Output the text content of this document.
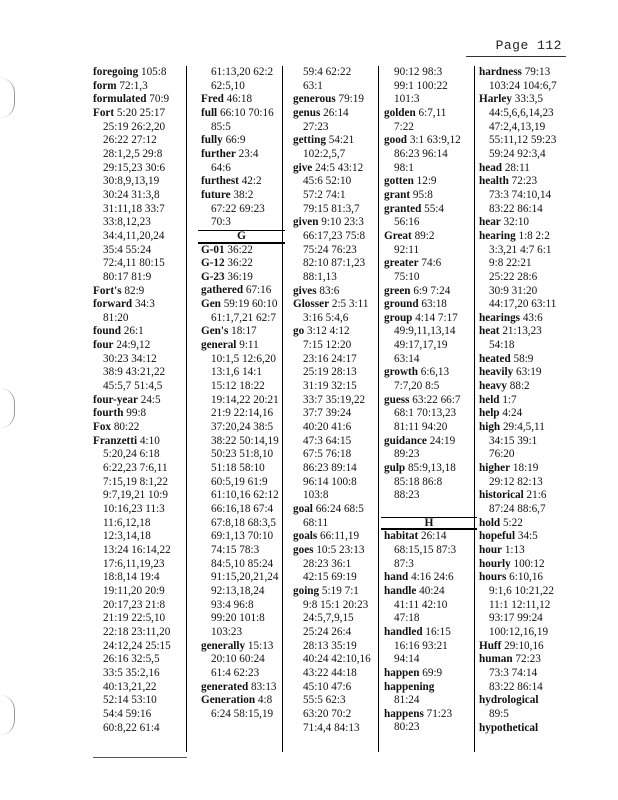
Page 112
foregoing 105:8
form 72:1,3
formulated 70:9
Fort 5:20 25:17
25:19 26:2,20
26:22 27:12
28:1,2,5 29:8
29:15,23 30:6
30:8,9,13,19
30:24 31:3,8
31:11,18 33:7
33:8,12,23
34:4,11,20,24
35:4 55:24
72:4,11 80:15
80:17 81:9
Fort's 82:9
forward 34:3
81:20
found 26:1
four 24:9,12
30:23 34:12
38:9 43:21,22
45:5,7 51:4,5
four-year 24:5
fourth 99:8
Fox 80:22
Franzetti 4:10
5:20,24 6:18
6:22,23 7:6,11
7:15,19 8:1,22
9:7,19,21 10:9
10:16,23 11:3
11:6,12,18
12:3,14,18
13:24 16:14,22
17:6,11,19,23
18:8,14 19:4
19:11,20 20:9
20:17,23 21:8
21:19 22:5,10
22:18 23:11,20
24:12,24 25:15
26:16 32:5,5
33:5 35:2,16
40:13,21,22
52:14 53:10
54:4 59:16
60:8,22 61:4
61:13,20 62:2
62:5,10
Fred 46:18
full 66:10 70:16
85:5
fully 66:9
further 23:4
64:6
furthest 42:2
future 38:2
67:22 69:23
70:3
G
G-01 36:22
G-12 36:22
G-23 36:19
gathered 67:16
Gen 59:19 60:10
61:1,7,21 62:7
Gen's 18:17
general 9:11
10:1,5 12:6,20
13:1,6 14:1
15:12 18:22
19:14,22 20:21
21:9 22:14,16
37:20,24 38:5
38:22 50:14,19
50:23 51:8,10
51:18 58:10
60:5,19 61:9
61:10,16 62:12
66:16,18 67:4
67:8,18 68:3,5
69:1,13 70:10
74:15 78:3
84:5,10 85:24
91:15,20,21,24
92:13,18,24
93:4 96:8
99:20 101:8
103:23
generally 15:13
20:10 60:24
61:4 62:23
generated 83:13
Generation 4:8
6:24 58:15,19
59:4 62:22
63:1
generous 79:19
genus 26:14
27:23
getting 54:21
102:2,5,7
give 24:5 43:12
45:6 52:10
57:2 74:1
79:15 81:3,7
given 9:10 23:3
66:17,23 75:8
75:24 76:23
82:10 87:1,23
88:1,13
gives 83:6
Glosser 2:5 3:11
3:16 5:4,6
go 3:12 4:12
7:15 12:20
23:16 24:17
25:19 28:13
31:19 32:15
33:7 35:19,22
37:7 39:24
40:20 41:6
47:3 64:15
67:5 76:18
86:23 89:14
96:14 100:8
103:8
goal 66:24 68:5
68:11
goals 66:11,19
goes 10:5 23:13
28:23 36:1
42:15 69:19
going 5:19 7:1
9:8 15:1 20:23
24:5,7,9,15
25:24 26:4
28:13 35:19
40:24 42:10,16
43:22 44:18
45:10 47:6
55:5 62:3
63:20 70:2
71:4,4 84:13
90:12 98:3
99:1 100:22
101:3
golden 6:7,11
7:22
good 3:1 63:9,12
86:23 96:14
98:1
gotten 12:9
grant 95:8
granted 55:4
56:16
Great 89:2
92:11
greater 74:6
75:10
green 6:9 7:24
ground 63:18
group 4:14 7:17
49:9,11,13,14
49:17,17,19
63:14
growth 6:6,13
7:7,20 8:5
guess 63:22 66:7
68:1 70:13,23
81:11 94:20
guidance 24:19
89:23
gulp 85:9,13,18
85:18 86:8
88:23

H
habitat 26:14
68:15,15 87:3
87:3
hand 4:16 24:6
handle 40:24
41:11 42:10
47:18
handled 16:15
16:16 93:21
94:14
happen 69:9
happening
81:24
happens 71:23
80:23
hardness 79:13
103:24 104:6,7
Harley 33:3,5
44:5,6,6,14,23
47:2,4,13,19
55:11,12 59:23
59:24 92:3,4
head 28:11
health 72:23
73:3 74:10,14
83:22 86:14
hear 32:10
hearing 1:8 2:2
3:3,21 4:7 6:1
9:8 22:21
25:22 28:6
30:9 31:20
44:17,20 63:11
hearings 43:6
heat 21:13,23
54:18
heated 58:9
heavily 63:19
heavy 88:2
held 1:7
help 4:24
high 29:4,5,11
34:15 39:1
76:20
higher 18:19
29:12 82:13
historical 21:6
87:24 88:6,7
hold 5:22
hopeful 34:5
hour 1:13
hourly 100:12
hours 6:10,16
9:1,6 10:21,22
11:1 12:11,12
93:17 99:24
100:12,16,19
Huff 29:10,16
human 72:23
73:3 74:14
83:22 86:14
hydrological
89:5
hypothetical
